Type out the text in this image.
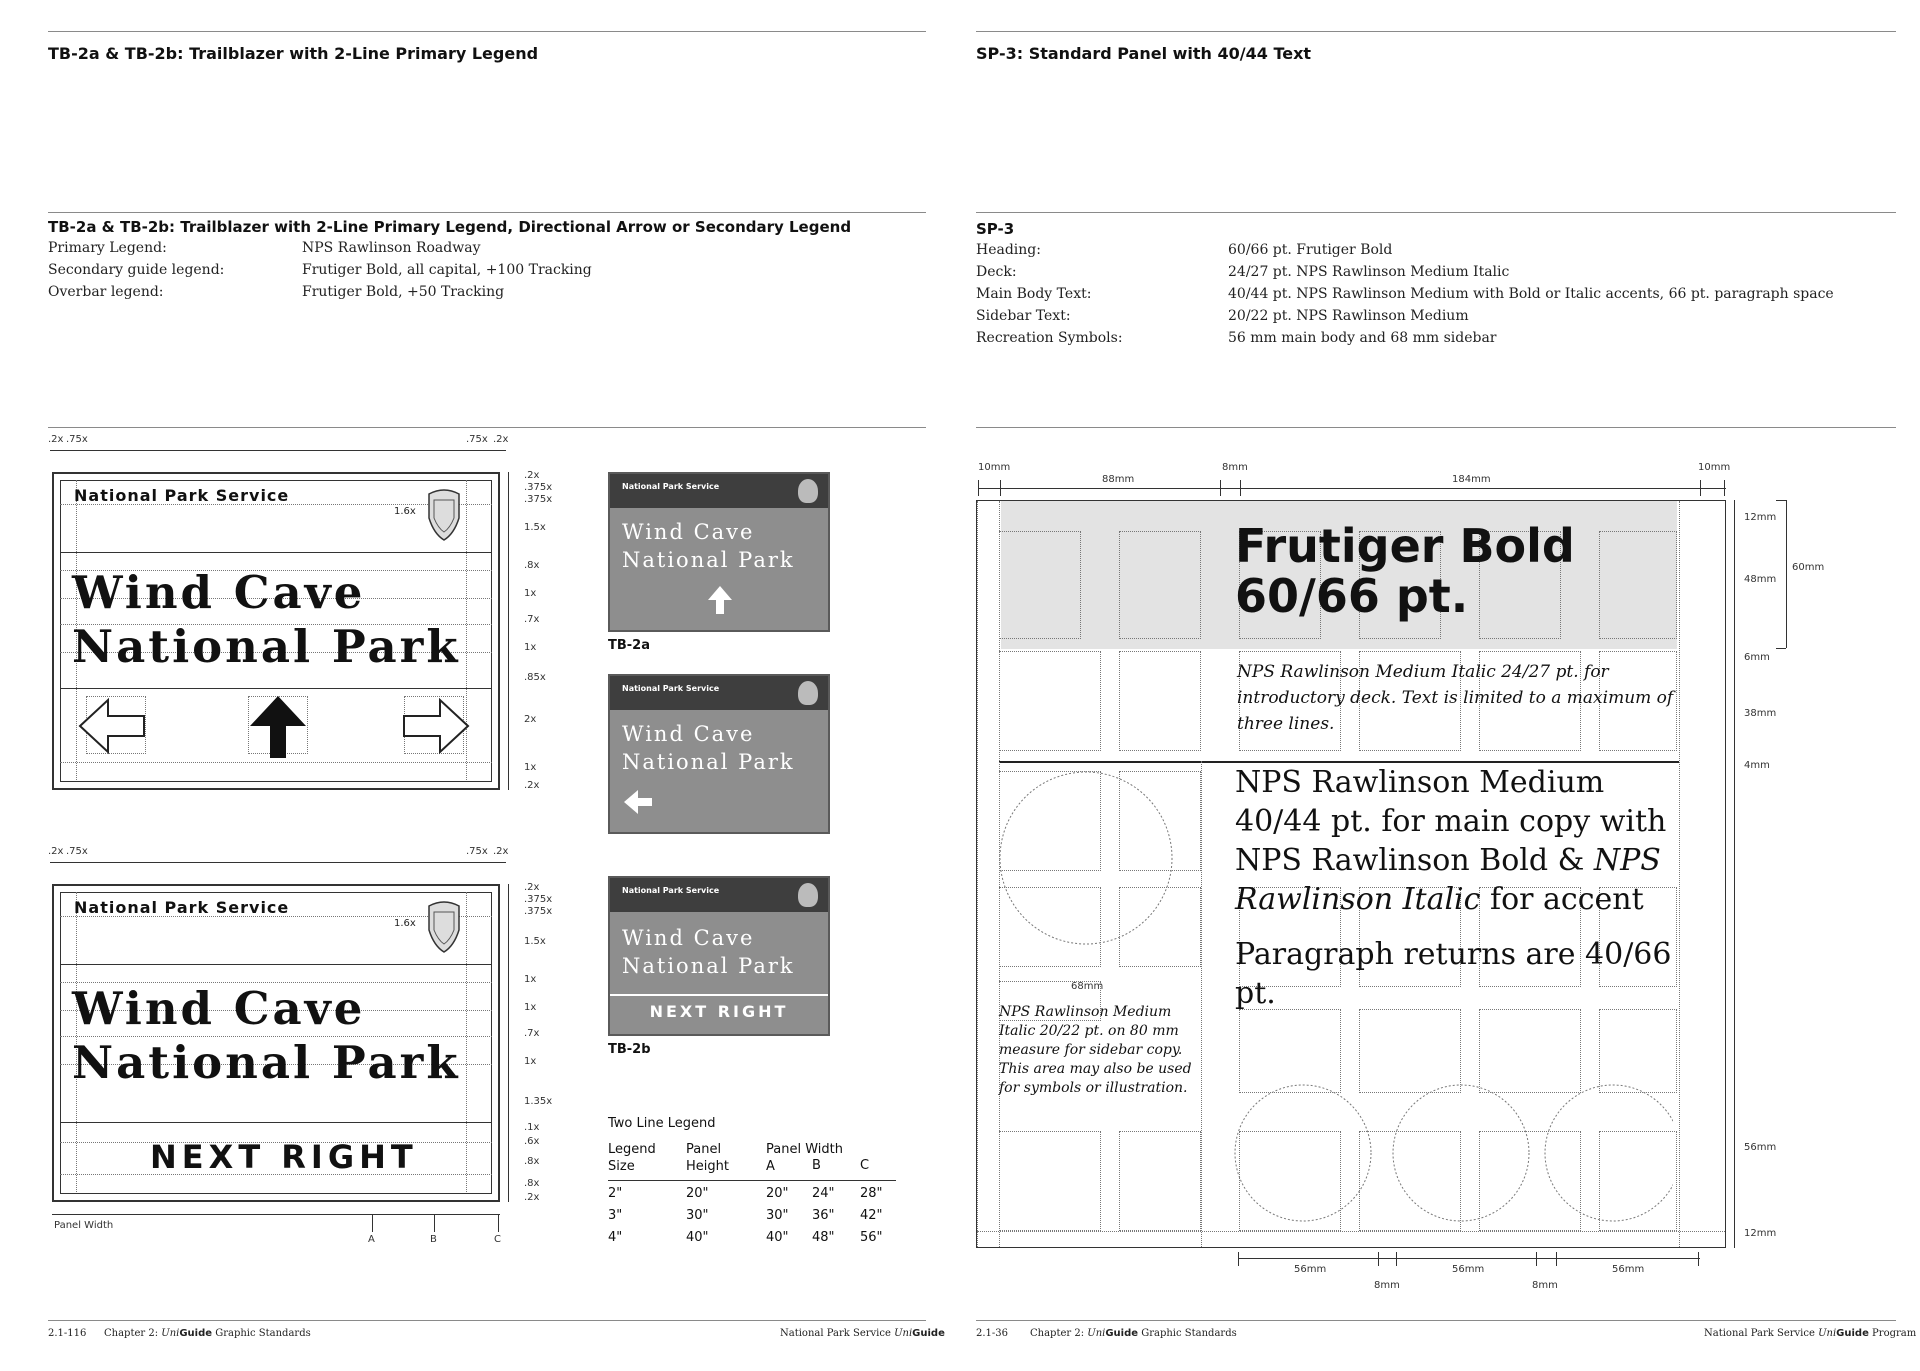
TB-2a & TB-2b: Trailblazer with 2-Line Primary Legend
TB-2a & TB-2b: Trailblazer with 2-Line Primary Legend, Directional Arrow or Secondary Legend
Primary Legend:	NPS Rawlinson Roadway
Secondary guide legend:	Frutiger Bold, all capital, +100 Tracking
Overbar legend:	Frutiger Bold, +50 Tracking
.2x .75x	.75x .2x
National Park Service
1.6x
Wind Cave
National Park
.2x
.375x
.375x
1.5x
.8x
1x
.7x
1x
.85x
2x
1x
.2x
National Park Service
Wind Cave
National Park
TB-2a
National Park Service
Wind Cave
National Park
.2x .75x	.75x .2x
National Park Service
1.6x
Wind Cave
National Park
NEXT RIGHT
.2x
.375x
.375x
1.5x
1x
1x
.7x
1x
1.35x
.1x
.6x
.8x
.8x
.2x
Panel Width
A	B	C
National Park Service
Wind Cave
National Park
NEXT RIGHT
TB-2b
Two Line Legend
Legend
Size
Panel
Height
Panel Width
A	B	C
2"	20"	20" 24" 28"
3"	30"	30" 36" 42"
4"	40"	40" 48" 56"
2.1-116 Chapter 2: UniGuide Graphic Standards	National Park Service UniGuide
SP-3: Standard Panel with 40/44 Text
SP-3
Heading:	60/66 pt. Frutiger Bold
Deck:	24/27 pt. NPS Rawlinson Medium Italic
Main Body Text:	40/44 pt. NPS Rawlinson Medium with Bold or Italic accents, 66 pt. paragraph space
Sidebar Text:	20/22 pt. NPS Rawlinson Medium
Recreation Symbols:	56 mm main body and 68 mm sidebar
10mm
88mm
8mm
184mm
10mm
68mm
Frutiger Bold
60/66 pt.
NPS Rawlinson Medium Italic 24/27 pt. for introductory deck. Text is limited to a maximum of three lines.
NPS Rawlinson Medium 40/44 pt. for main copy with NPS Rawlinson Bold & NPS Rawlinson Italic for accent
Paragraph returns are 40/66 pt.
NPS Rawlinson Medium Italic 20/22 pt. on 80 mm measure for sidebar copy. This area may also be used for symbols or illustration.
12mm
48mm
60mm
6mm
38mm
4mm
56mm
12mm
56mm
8mm
56mm
8mm
56mm
2.1-36 Chapter 2: UniGuide Graphic Standards	National Park Service UniGuide Program
